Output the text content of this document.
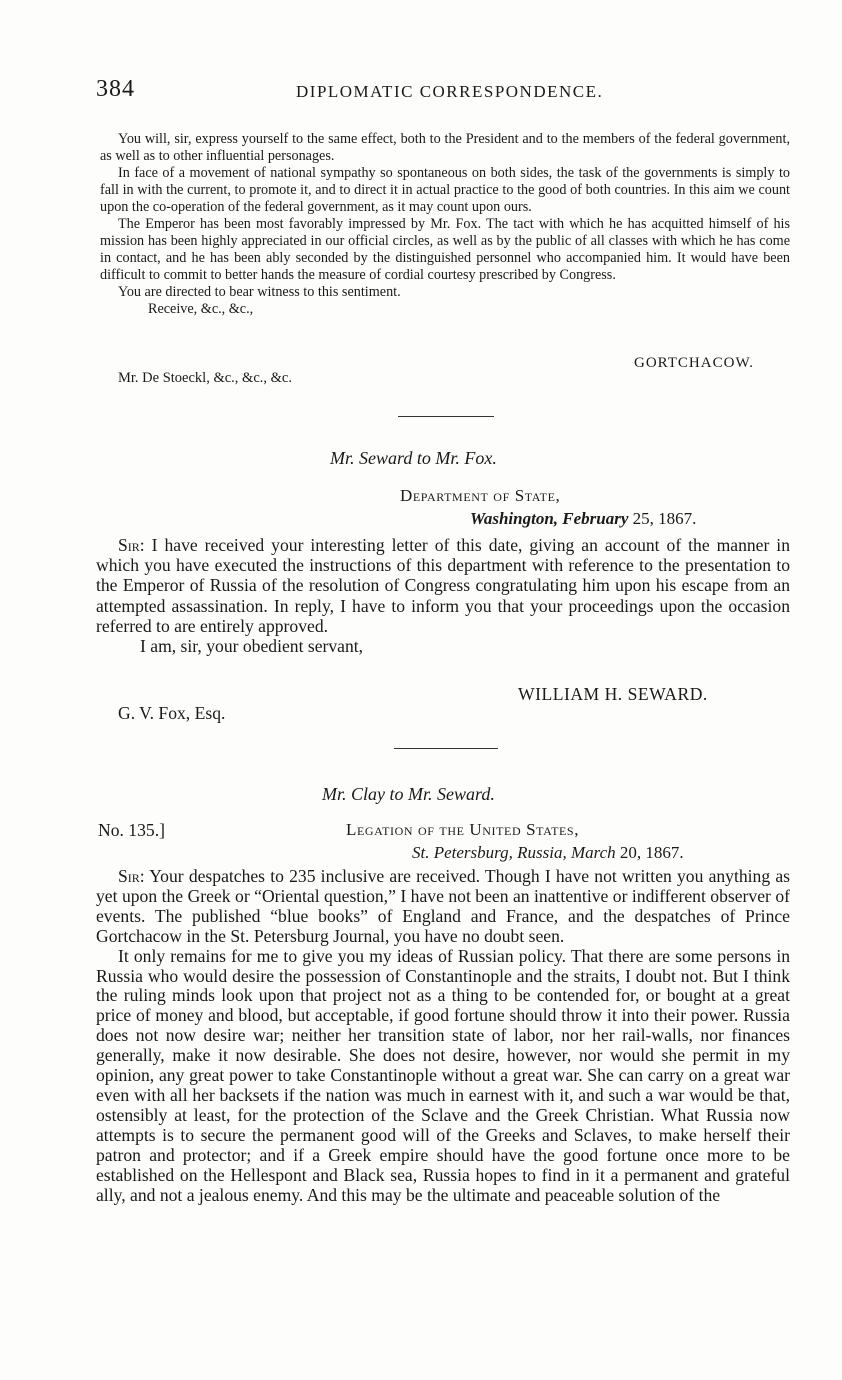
384	DIPLOMATIC CORRESPONDENCE.

You will, sir, express yourself to the same effect, both to the President and to the members of the federal government, as well as to other influential personages.

In face of a movement of national sympathy so spontaneous on both sides, the task of the governments is simply to fall in with the current, to promote it, and to direct it in actual practice to the good of both countries. In this aim we count upon the co-operation of the federal government, as it may count upon ours.

The Emperor has been most favorably impressed by Mr. Fox. The tact with which he has acquitted himself of his mission has been highly appreciated in our official circles, as well as by the public of all classes with which he has come in contact, and he has been ably seconded by the distinguished personnel who accompanied him. It would have been difficult to commit to better hands the measure of cordial courtesy prescribed by Congress.

You are directed to bear witness to this sentiment.

Receive, &c., &c.,

GORTCHACOW.
Mr. De Stoeckl, &c., &c., &c.
Mr. Seward to Mr. Fox.
Department of State,
Washington, February 25, 1867.

Sir: I have received your interesting letter of this date, giving an account of the manner in which you have executed the instructions of this department with reference to the presentation to the Emperor of Russia of the resolution of Congress congratulating him upon his escape from an attempted assassination. In reply, I have to inform you that your proceedings upon the occasion referred to are entirely approved.

I am, sir, your obedient servant,

WILLIAM H. SEWARD.
G. V. Fox, Esq.
Mr. Clay to Mr. Seward.
No. 135.]	Legation of the United States,
St. Petersburg, Russia, March 20, 1867.

Sir: Your despatches to 235 inclusive are received. Though I have not written you anything as yet upon the Greek or “Oriental question,” I have not been an inattentive or indifferent observer of events. The published “blue books” of England and France, and the despatches of Prince Gortchacow in the St. Petersburg Journal, you have no doubt seen.

It only remains for me to give you my ideas of Russian policy. That there are some persons in Russia who would desire the possession of Constantinople and the straits, I doubt not. But I think the ruling minds look upon that project not as a thing to be contended for, or bought at a great price of money and blood, but acceptable, if good fortune should throw it into their power. Russia does not now desire war; neither her transition state of labor, nor her rail-walls, nor finances generally, make it now desirable. She does not desire, however, nor would she permit in my opinion, any great power to take Constantinople without a great war. She can carry on a great war even with all her backsets if the nation was much in earnest with it, and such a war would be that, ostensibly at least, for the protection of the Sclave and the Greek Christian. What Russia now attempts is to secure the permanent good will of the Greeks and Sclaves, to make herself their patron and protector; and if a Greek empire should have the good fortune once more to be established on the Hellespont and Black sea, Russia hopes to find in it a permanent and grateful ally, and not a jealous enemy. And this may be the ultimate and peaceable solution of the
